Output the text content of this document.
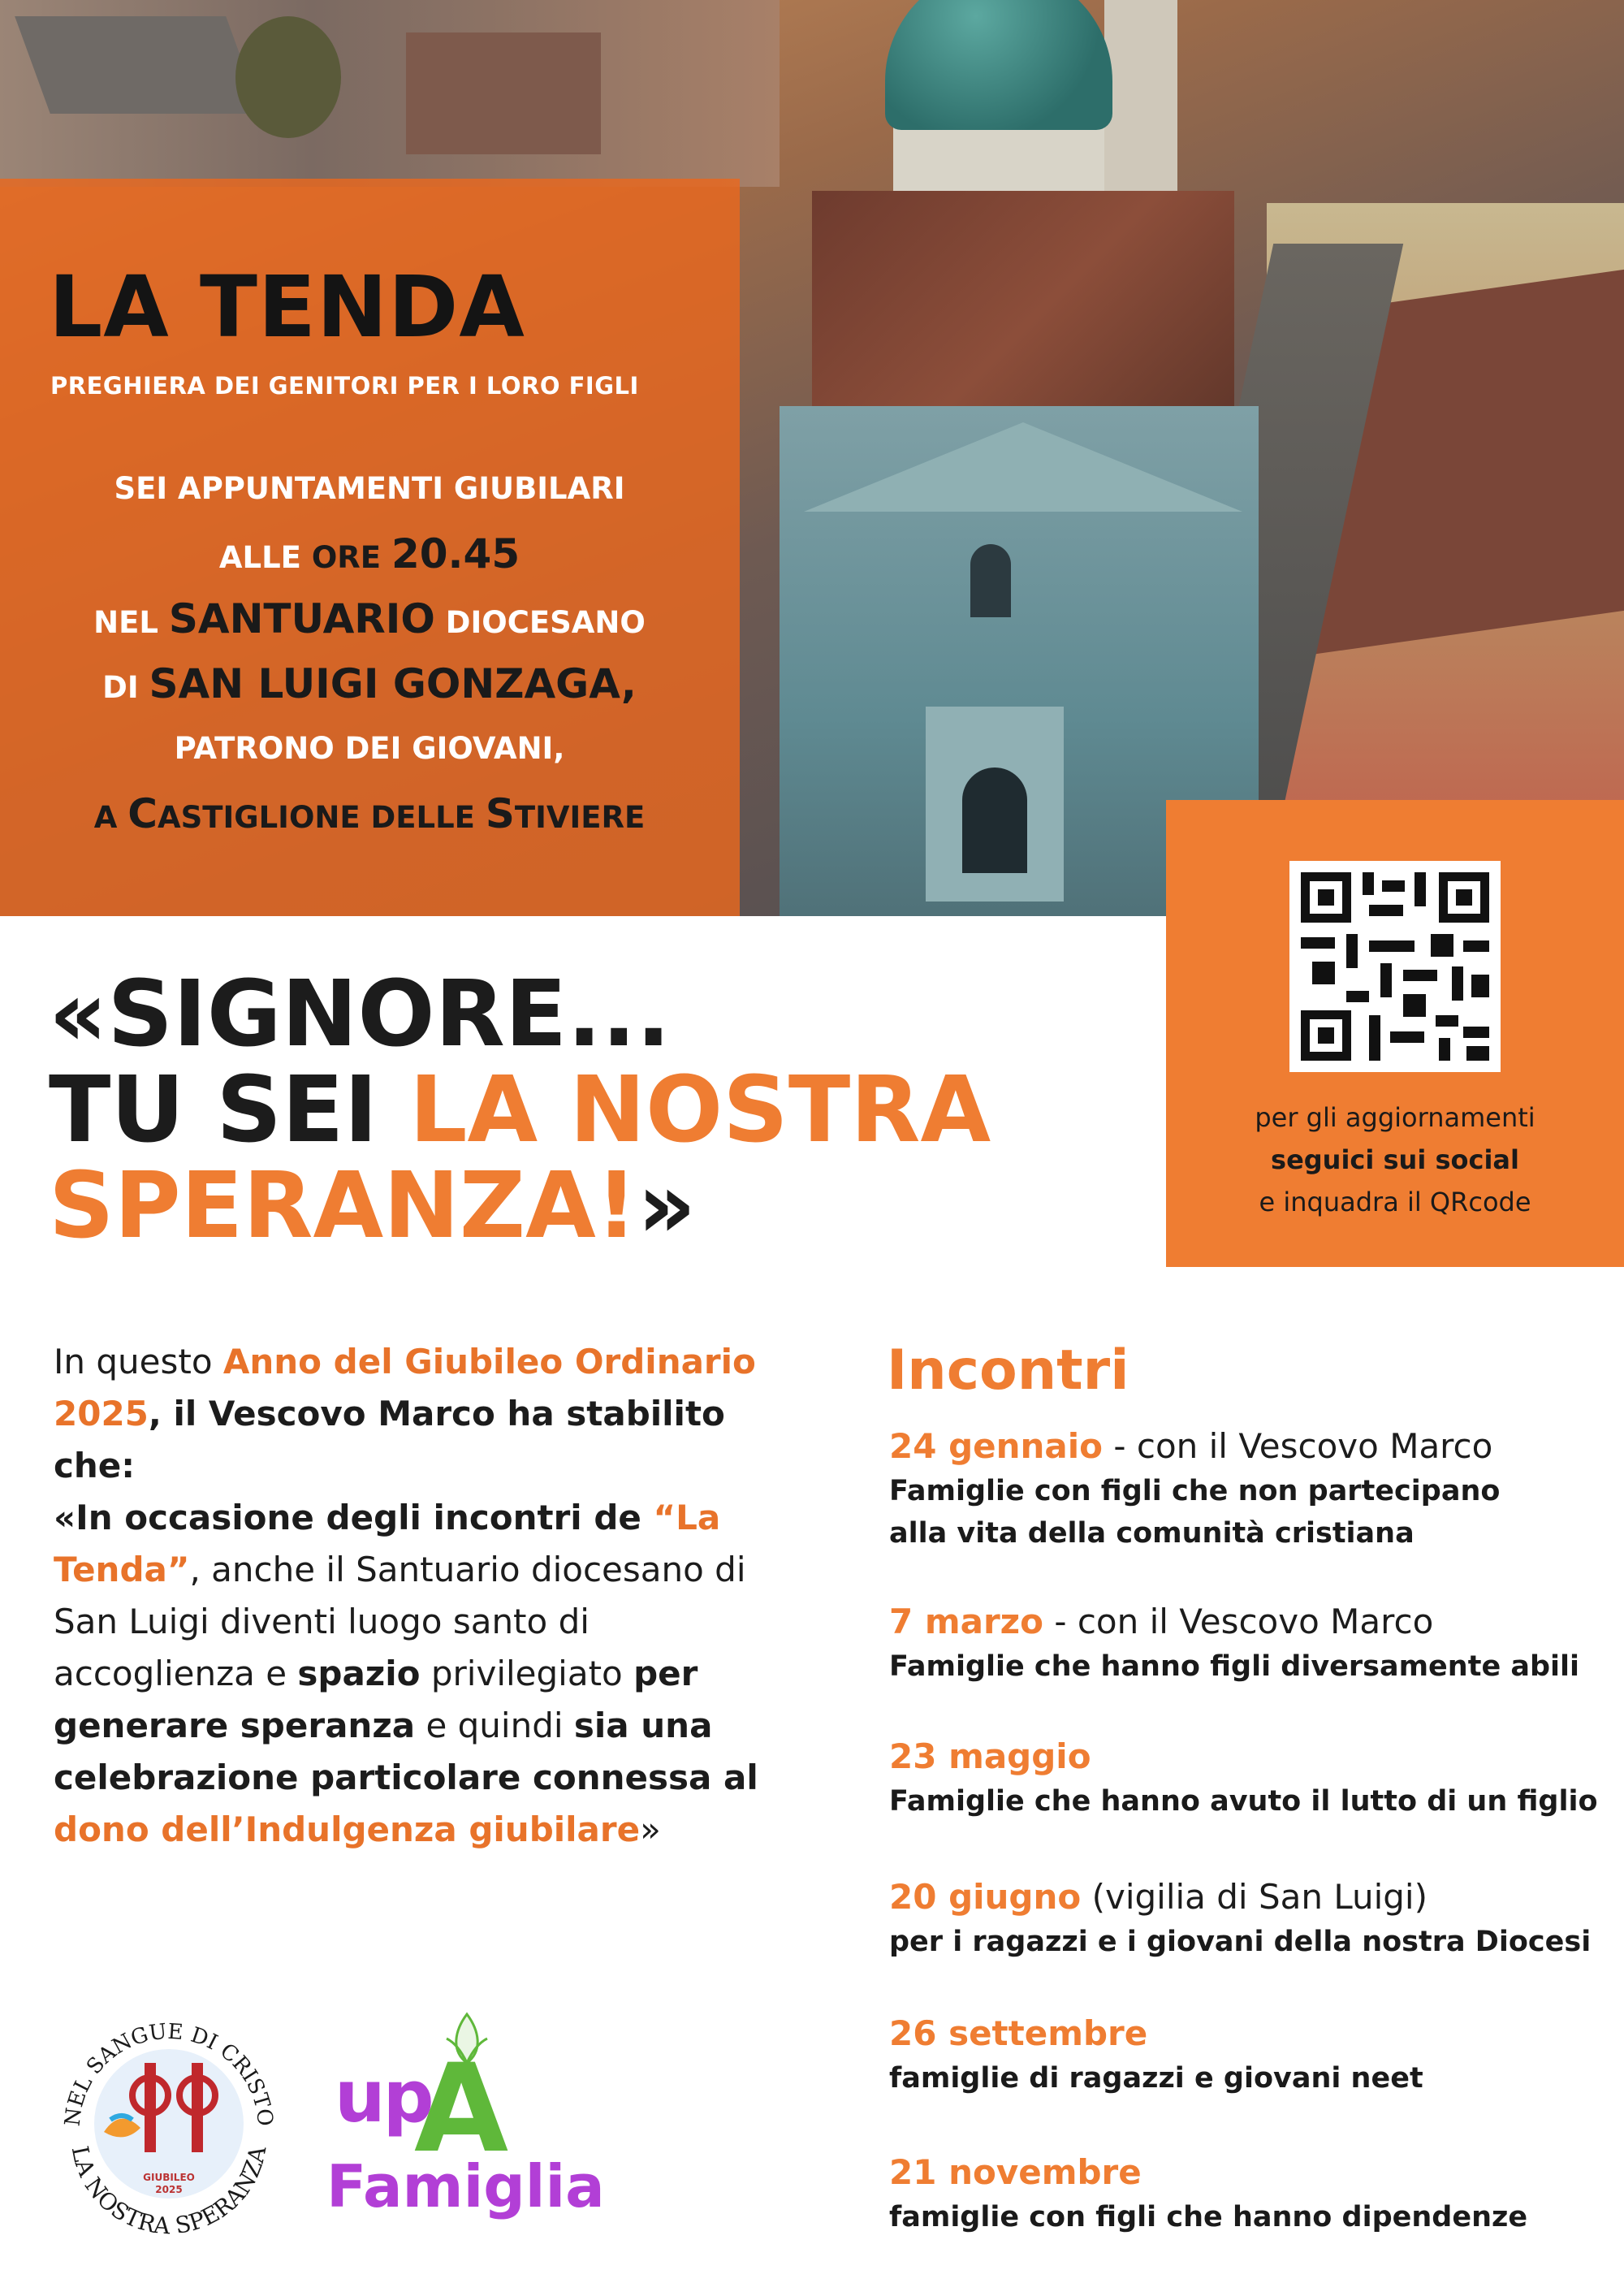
LA TENDA
PREGHIERA DEI GENITORI PER I LORO FIGLI
SEI APPUNTAMENTI GIUBILARI
ALLE ORE 20.45
NEL SANTUARIO DIOCESANO
DI SAN LUIGI GONZAGA,
PATRONO DEI GIOVANI,
A CASTIGLIONE DELLE STIVIERE
per gli aggiornamenti
seguici sui social
e inquadra il QRcode
«SIGNORE...
TU SEI LA NOSTRA
SPERANZA!»

In questo Anno del Giubileo Ordinario 2025, il Vescovo Marco ha stabilito che:

«In occasione degli incontri de “La Tenda”, anche il Santuario diocesano di San Luigi diventi luogo santo di accoglienza e spazio privilegiato per generare speranza e quindi sia una celebrazione particolare connessa al dono dell’Indulgenza giubilare»

Incontri
24 gennaio - con il Vescovo Marco
Famiglie con figli che non partecipano
alla vita della comunità cristiana
7 marzo - con il Vescovo Marco
Famiglie che hanno figli diversamente abili
23 maggio
Famiglie che hanno avuto il lutto di un figlio
20 giugno (vigilia di San Luigi)
per i ragazzi e i giovani della nostra Diocesi
26 settembre
famiglie di ragazzi e giovani neet
21 novembre
famiglie con figli che hanno dipendenze
NEL SANGUE DI CRISTO
LA NOSTRA SPERANZA
GIUBILEO
2025
up
A
Famiglia
